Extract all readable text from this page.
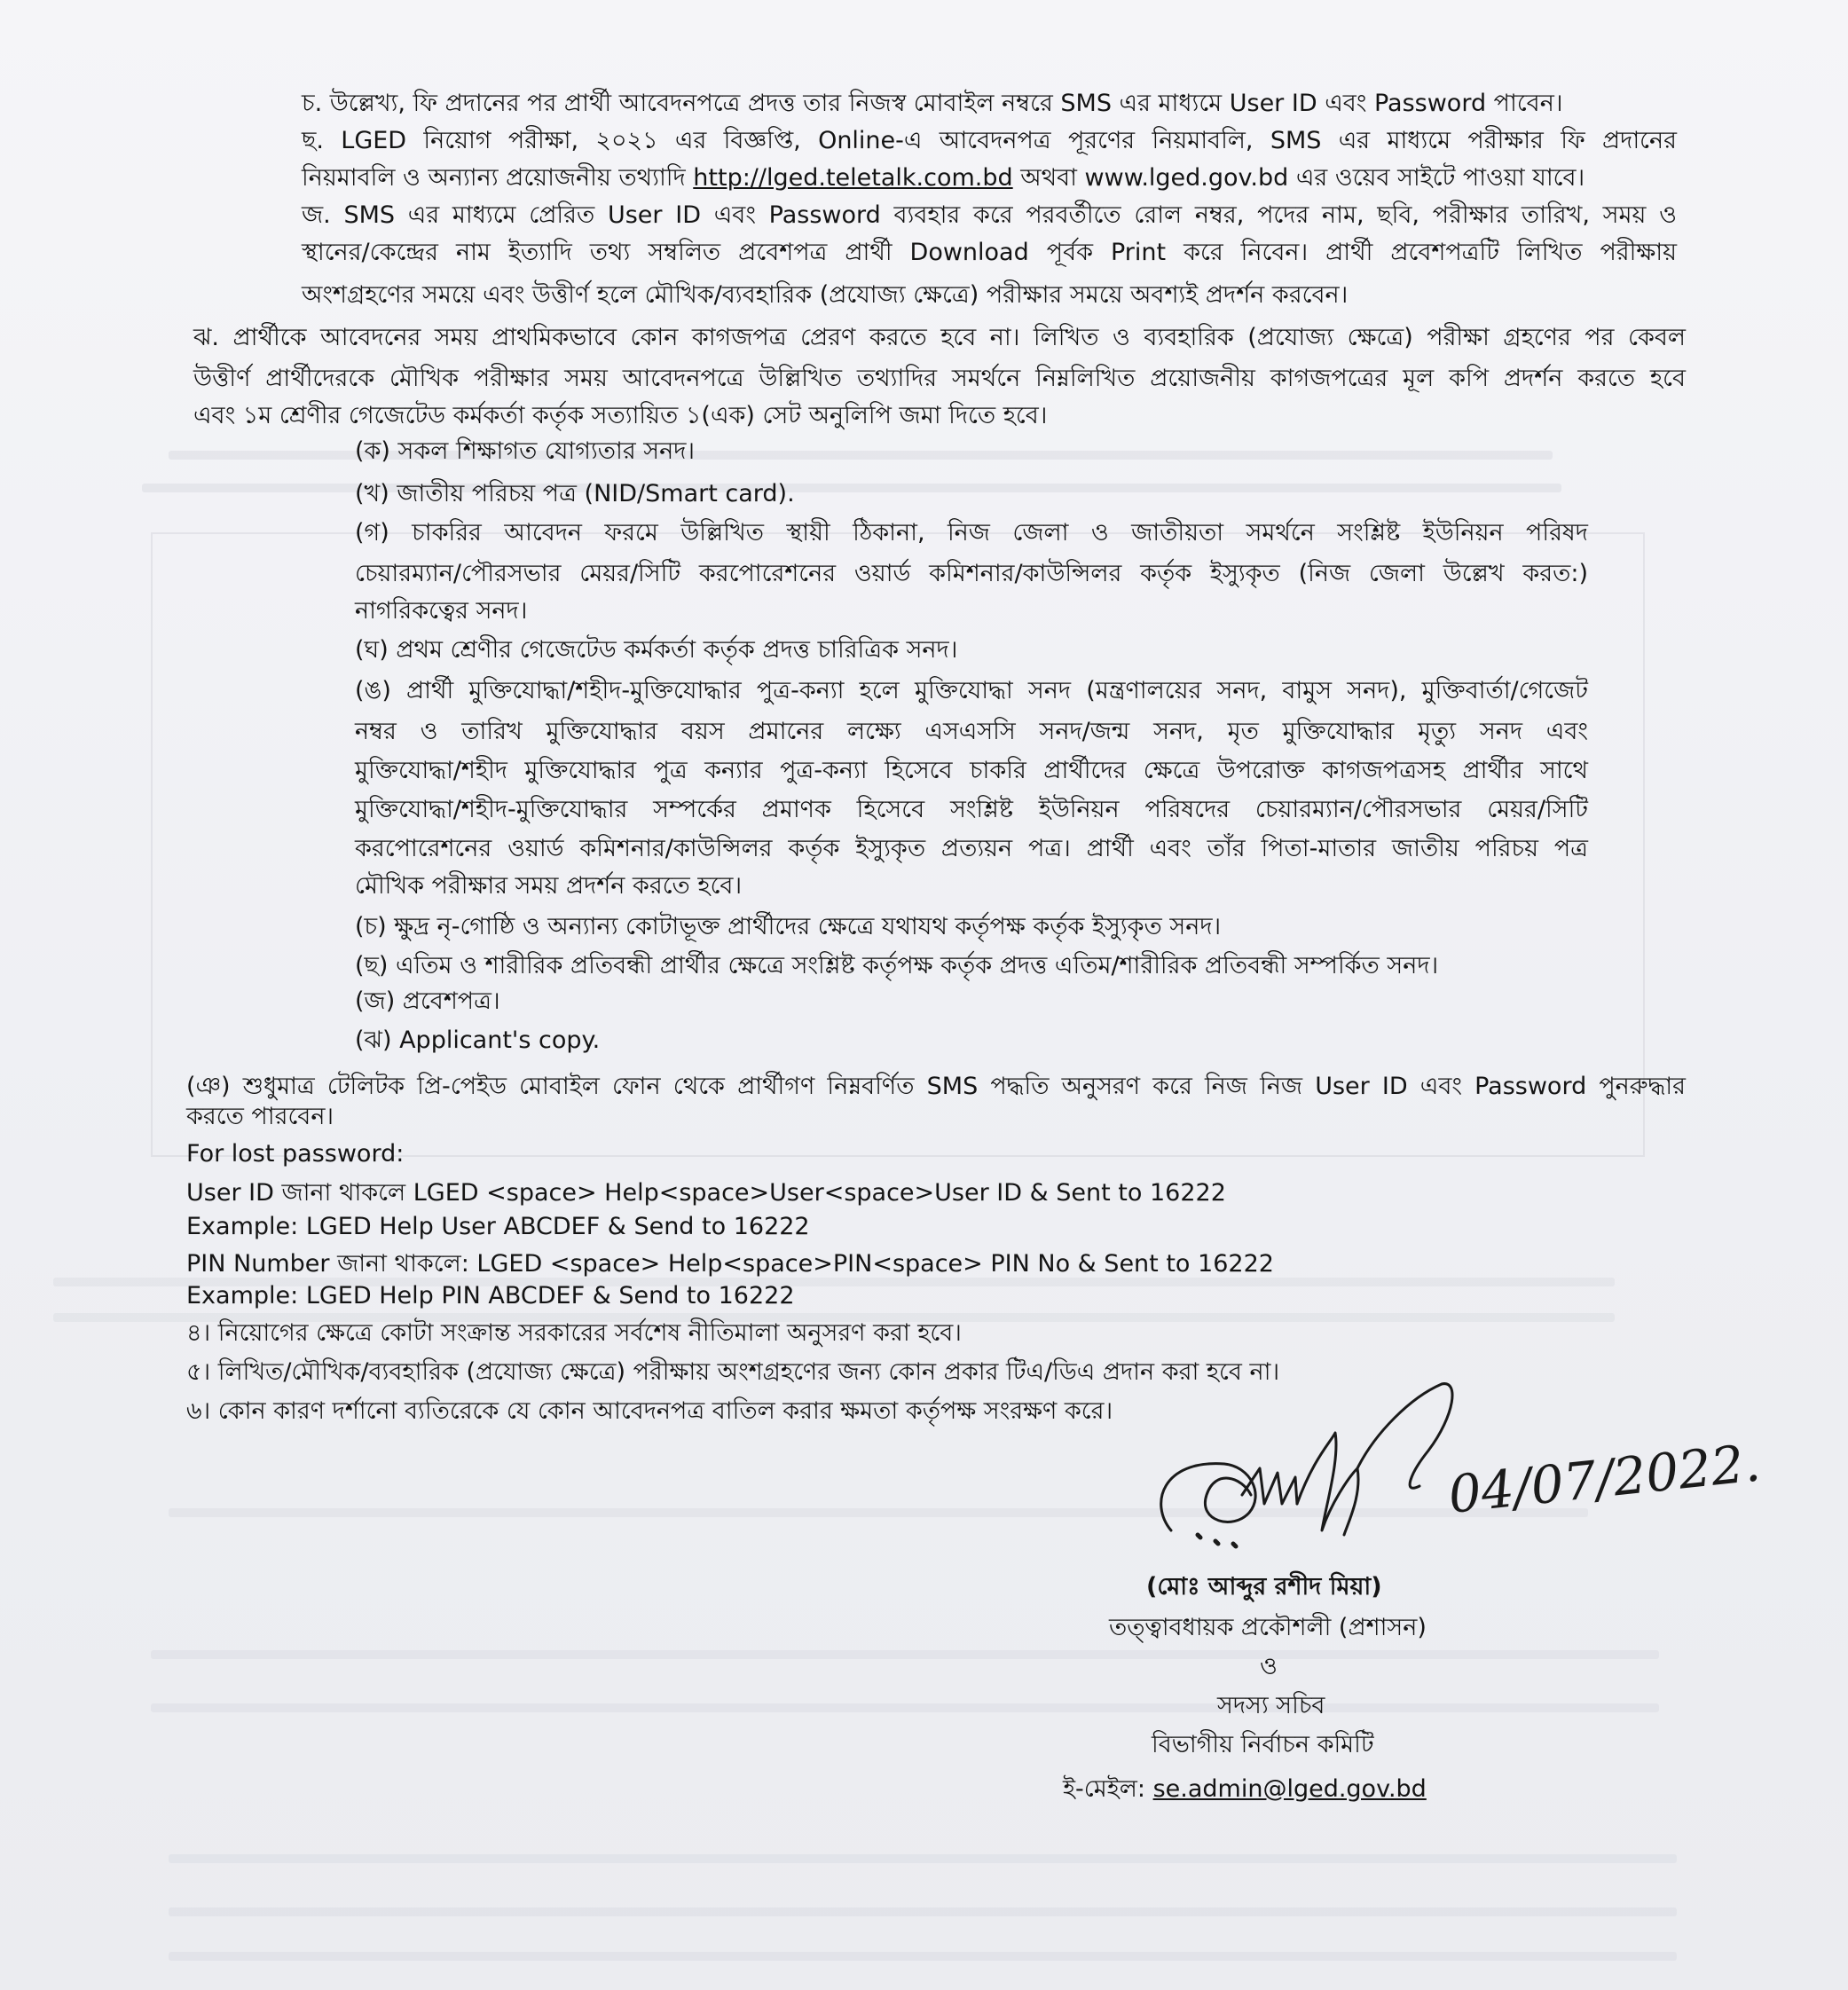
চ. উল্লেখ্য, ফি প্রদানের পর প্রার্থী আবেদনপত্রে প্রদত্ত তার নিজস্ব মোবাইল নম্বরে SMS এর মাধ্যমে User ID এবং Password পাবেন।
ছ. LGED নিয়োগ পরীক্ষা, ২০২১ এর বিজ্ঞপ্তি, Online-এ আবেদনপত্র পূরণের নিয়মাবলি, SMS এর মাধ্যমে পরীক্ষার ফি প্রদানের
নিয়মাবলি ও অন্যান্য প্রয়োজনীয় তথ্যাদি http://lged.teletalk.com.bd অথবা www.lged.gov.bd এর ওয়েব সাইটে পাওয়া যাবে।
জ. SMS এর মাধ্যমে প্রেরিত User ID এবং Password ব্যবহার করে পরবর্তীতে রোল নম্বর, পদের নাম, ছবি, পরীক্ষার তারিখ, সময় ও
স্থানের/কেন্দ্রের নাম ইত্যাদি তথ্য সম্বলিত প্রবেশপত্র প্রার্থী Download পূর্বক Print করে নিবেন। প্রার্থী প্রবেশপত্রটি লিখিত পরীক্ষায়
অংশগ্রহণের সময়ে এবং উত্তীর্ণ হলে মৌখিক/ব্যবহারিক (প্রযোজ্য ক্ষেত্রে) পরীক্ষার সময়ে অবশ্যই প্রদর্শন করবেন।
ঝ. প্রার্থীকে আবেদনের সময় প্রাথমিকভাবে কোন কাগজপত্র প্রেরণ করতে হবে না। লিখিত ও ব্যবহারিক (প্রযোজ্য ক্ষেত্রে) পরীক্ষা গ্রহণের পর কেবল
উত্তীর্ণ প্রার্থীদেরকে মৌখিক পরীক্ষার সময় আবেদনপত্রে উল্লিখিত তথ্যাদির সমর্থনে নিম্নলিখিত প্রয়োজনীয় কাগজপত্রের মূল কপি প্রদর্শন করতে হবে
এবং ১ম শ্রেণীর গেজেটেড কর্মকর্তা কর্তৃক সত্যায়িত ১(এক) সেট অনুলিপি জমা দিতে হবে।
(ক) সকল শিক্ষাগত যোগ্যতার সনদ।
(খ) জাতীয় পরিচয় পত্র (NID/Smart card).
(গ) চাকরির আবেদন ফরমে উল্লিখিত স্থায়ী ঠিকানা, নিজ জেলা ও জাতীয়তা সমর্থনে সংশ্লিষ্ট ইউনিয়ন পরিষদ
চেয়ারম্যান/পৌরসভার মেয়র/সিটি করপোরেশনের ওয়ার্ড কমিশনার/কাউন্সিলর কর্তৃক ইস্যুকৃত (নিজ জেলা উল্লেখ করত:)
নাগরিকত্বের সনদ।
(ঘ) প্রথম শ্রেণীর গেজেটেড কর্মকর্তা কর্তৃক প্রদত্ত চারিত্রিক সনদ।
(ঙ) প্রার্থী মুক্তিযোদ্ধা/শহীদ-মুক্তিযোদ্ধার পুত্র-কন্যা হলে মুক্তিযোদ্ধা সনদ (মন্ত্রণালয়ের সনদ, বামুস সনদ), মুক্তিবার্তা/গেজেট
নম্বর ও তারিখ মুক্তিযোদ্ধার বয়স প্রমানের লক্ষ্যে এসএসসি সনদ/জন্ম সনদ, মৃত মুক্তিযোদ্ধার মৃত্যু সনদ এবং
মুক্তিযোদ্ধা/শহীদ মুক্তিযোদ্ধার পুত্র কন্যার পুত্র-কন্যা হিসেবে চাকরি প্রার্থীদের ক্ষেত্রে উপরোক্ত কাগজপত্রসহ প্রার্থীর সাথে
মুক্তিযোদ্ধা/শহীদ-মুক্তিযোদ্ধার সম্পর্কের প্রমাণক হিসেবে সংশ্লিষ্ট ইউনিয়ন পরিষদের চেয়ারম্যান/পৌরসভার মেয়র/সিটি
করপোরেশনের ওয়ার্ড কমিশনার/কাউন্সিলর কর্তৃক ইস্যুকৃত প্রত্যয়ন পত্র। প্রার্থী এবং তাঁর পিতা-মাতার জাতীয় পরিচয় পত্র
মৌখিক পরীক্ষার সময় প্রদর্শন করতে হবে।
(চ) ক্ষুদ্র নৃ-গোষ্ঠি ও অন্যান্য কোটাভূক্ত প্রার্থীদের ক্ষেত্রে যথাযথ কর্তৃপক্ষ কর্তৃক ইস্যুকৃত সনদ।
(ছ) এতিম ও শারীরিক প্রতিবন্ধী প্রার্থীর ক্ষেত্রে সংশ্লিষ্ট কর্তৃপক্ষ কর্তৃক প্রদত্ত এতিম/শারীরিক প্রতিবন্ধী সম্পর্কিত সনদ।
(জ) প্রবেশপত্র।
(ঝ) Applicant's copy.
(ঞ) শুধুমাত্র টেলিটক প্রি-পেইড মোবাইল ফোন থেকে প্রার্থীগণ নিম্নবর্ণিত SMS পদ্ধতি অনুসরণ করে নিজ নিজ User ID এবং Password পুনরুদ্ধার
করতে পারবেন।
For lost password:
User ID জানা থাকলে LGED <space> Help<space>User<space>User ID & Sent to 16222
Example: LGED Help User ABCDEF & Send to 16222
PIN Number জানা থাকলে: LGED <space> Help<space>PIN<space> PIN No & Sent to 16222
Example: LGED Help PIN ABCDEF & Send to 16222
৪। নিয়োগের ক্ষেত্রে কোটা সংক্রান্ত সরকারের সর্বশেষ নীতিমালা অনুসরণ করা হবে।
৫। লিখিত/মৌখিক/ব্যবহারিক (প্রযোজ্য ক্ষেত্রে) পরীক্ষায় অংশগ্রহণের জন্য কোন প্রকার টিএ/ডিএ প্রদান করা হবে না।
৬। কোন কারণ দর্শানো ব্যতিরেকে যে কোন আবেদনপত্র বাতিল করার ক্ষমতা কর্তৃপক্ষ সংরক্ষণ করে।
04/07/2022.
(মোঃ আব্দুর রশীদ মিয়া)
তত্ত্বাবধায়ক প্রকৌশলী (প্রশাসন)
ও
সদস্য সচিব
বিভাগীয় নির্বাচন কমিটি
ই-মেইল: se.admin@lged.gov.bd
